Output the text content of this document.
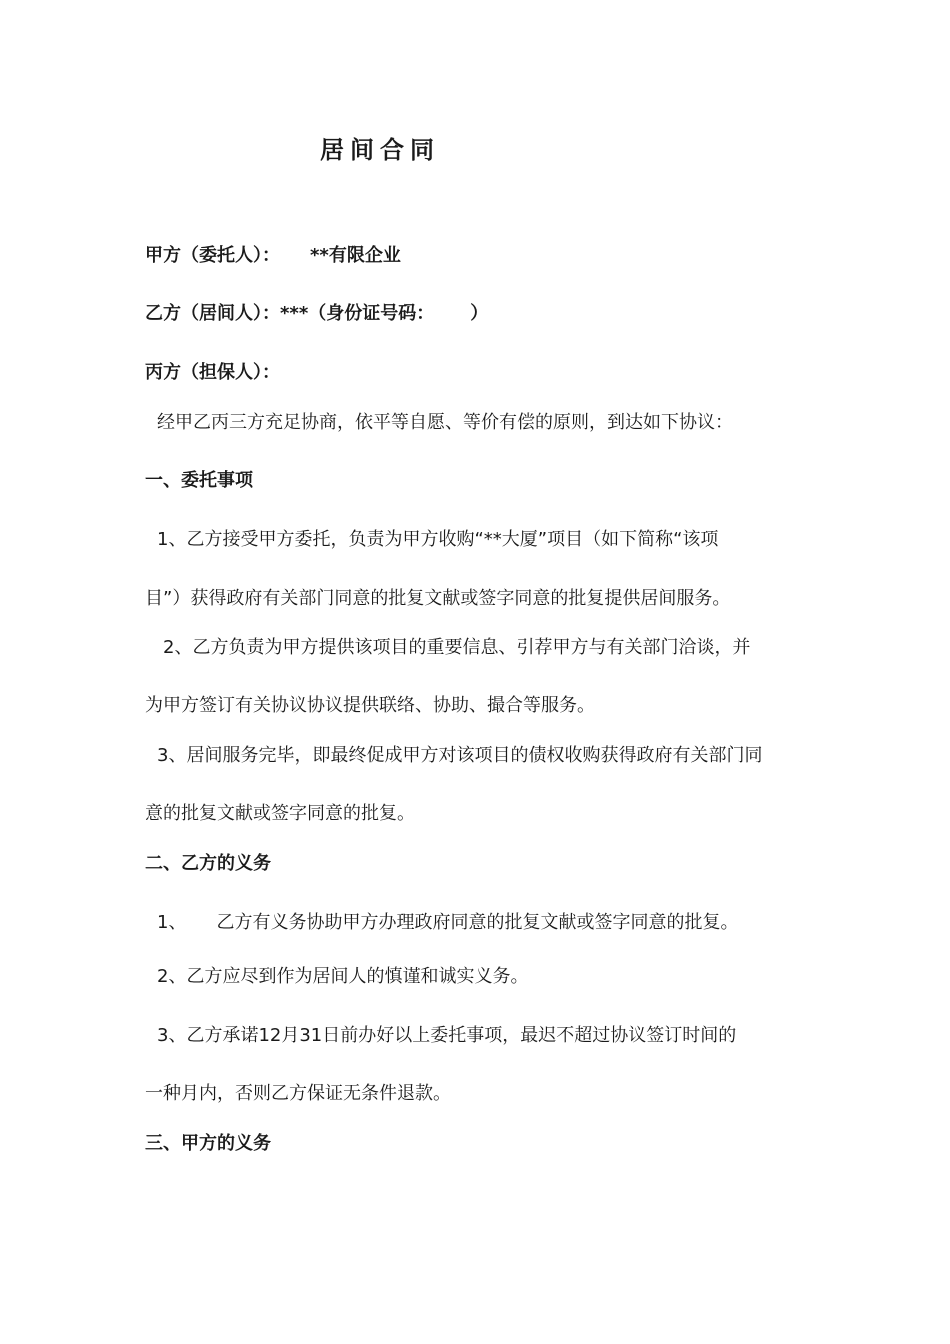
居间合同
甲方（委托人）： **有限企业
乙方（居间人）：***（身份证号码： ）
丙方（担保人）：
经甲乙丙三方充足协商，依平等自愿、等价有偿的原则，到达如下协议：
一、委托事项
1、乙方接受甲方委托，负责为甲方收购“**大厦”项目（如下简称“该项
目”）获得政府有关部门同意的批复文献或签字同意的批复提供居间服务。
2、乙方负责为甲方提供该项目的重要信息、引荐甲方与有关部门洽谈，并
为甲方签订有关协议协议提供联络、协助、撮合等服务。
3、居间服务完毕，即最终促成甲方对该项目的债权收购获得政府有关部门同
意的批复文献或签字同意的批复。
二、乙方的义务
1、 乙方有义务协助甲方办理政府同意的批复文献或签字同意的批复。
2、乙方应尽到作为居间人的慎谨和诚实义务。
3、乙方承诺12月31日前办好以上委托事项，最迟不超过协议签订时间的
一种月内，否则乙方保证无条件退款。
三、甲方的义务
